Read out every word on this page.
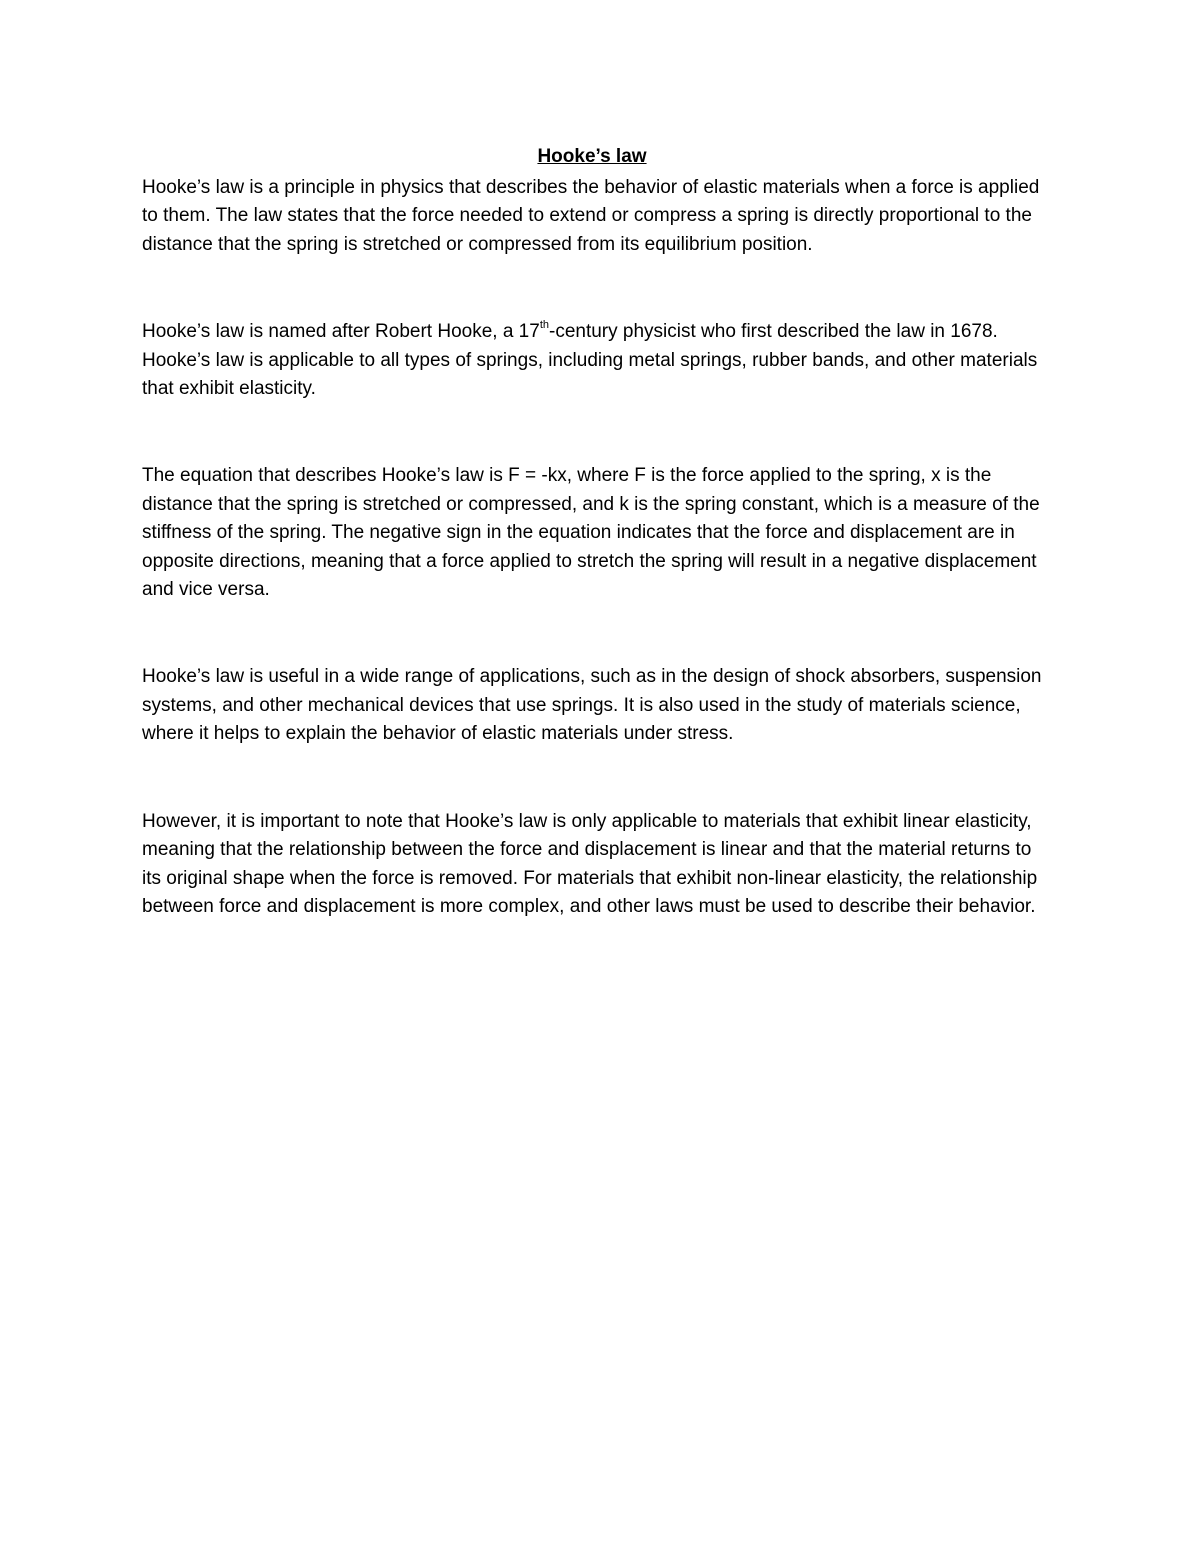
Hooke’s law

Hooke’s law is a principle in physics that describes the behavior of elastic materials when a force is applied to them. The law states that the force needed to extend or compress a spring is directly proportional to the distance that the spring is stretched or compressed from its equilibrium position.

Hooke’s law is named after Robert Hooke, a 17th-century physicist who first described the law in 1678. Hooke’s law is applicable to all types of springs, including metal springs, rubber bands, and other materials that exhibit elasticity.

The equation that describes Hooke’s law is F = -kx, where F is the force applied to the spring, x is the distance that the spring is stretched or compressed, and k is the spring constant, which is a measure of the stiffness of the spring. The negative sign in the equation indicates that the force and displacement are in opposite directions, meaning that a force applied to stretch the spring will result in a negative displacement and vice versa.

Hooke’s law is useful in a wide range of applications, such as in the design of shock absorbers, suspension systems, and other mechanical devices that use springs. It is also used in the study of materials science, where it helps to explain the behavior of elastic materials under stress.

However, it is important to note that Hooke’s law is only applicable to materials that exhibit linear elasticity, meaning that the relationship between the force and displacement is linear and that the material returns to its original shape when the force is removed. For materials that exhibit non-linear elasticity, the relationship between force and displacement is more complex, and other laws must be used to describe their behavior.
